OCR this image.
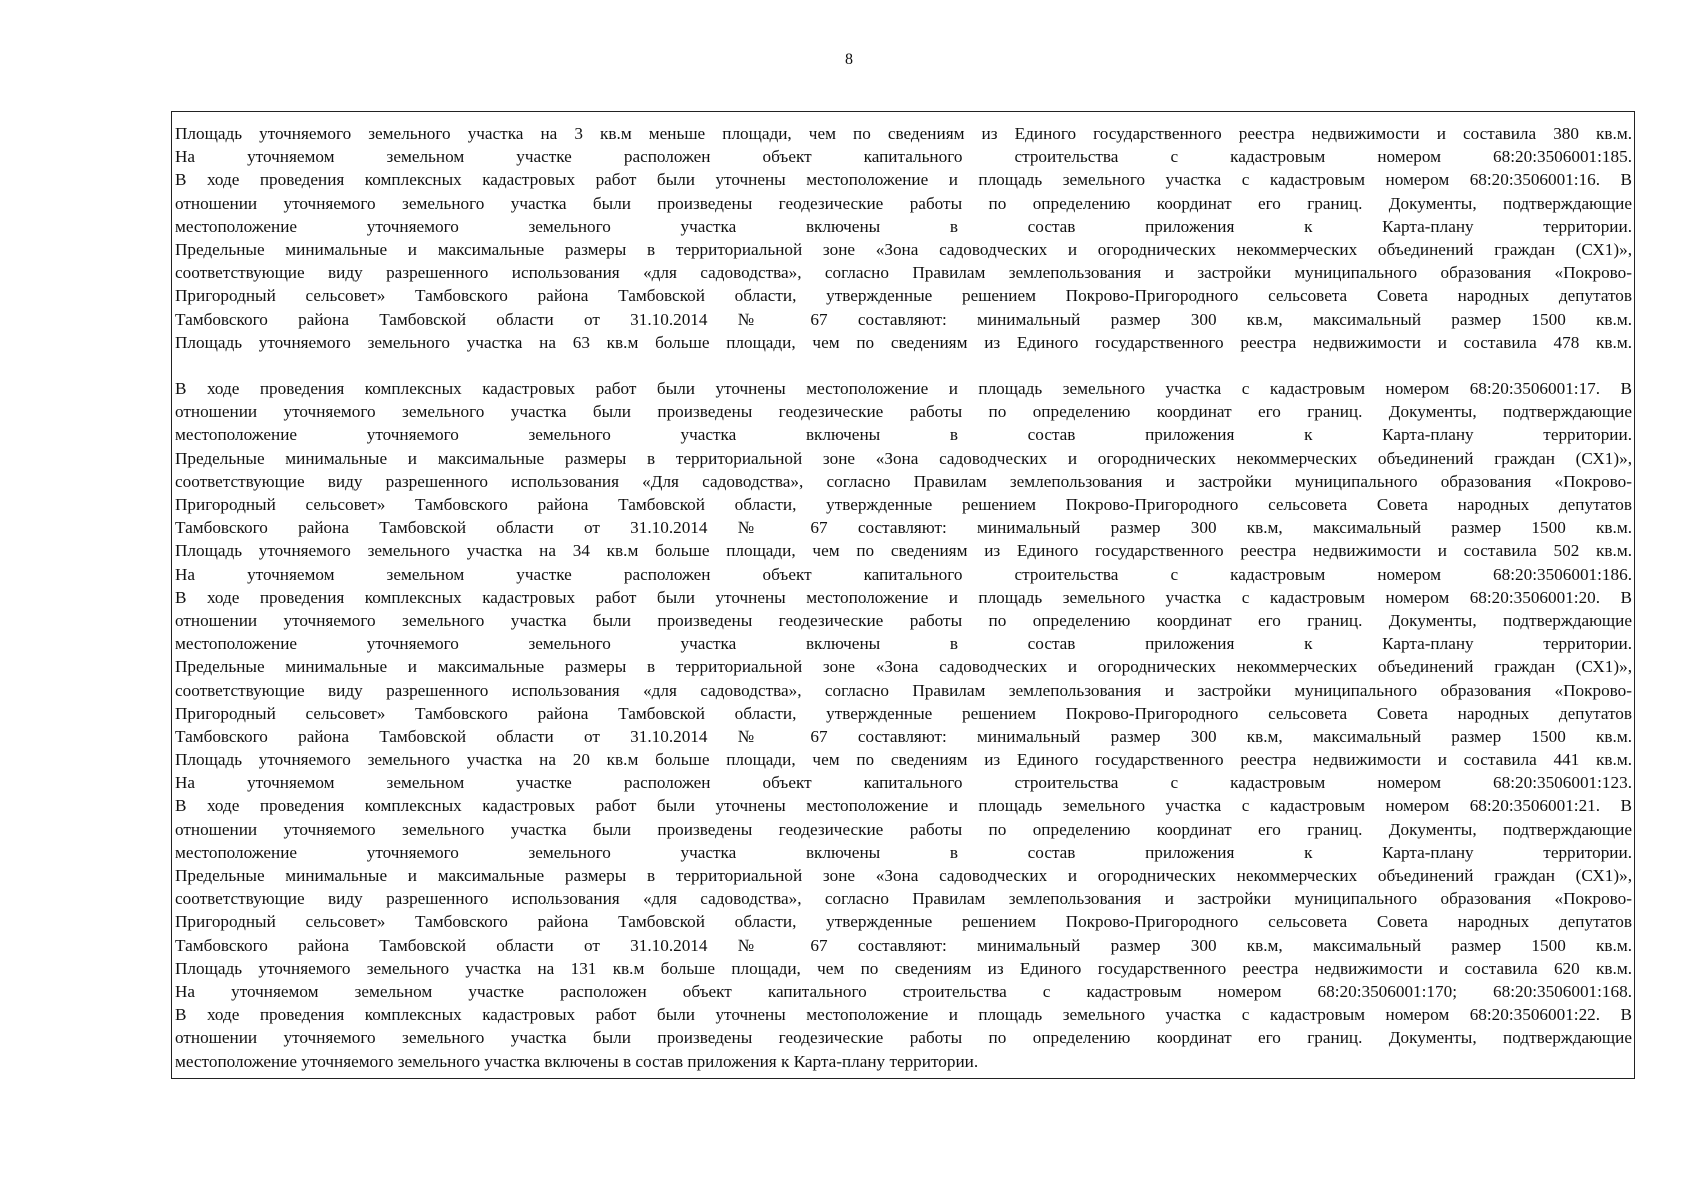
8
Площадь уточняемого земельного участка на 3 кв.м меньше площади, чем по сведениям из Единого государственного реестра недвижимости и составила 380 кв.м.
На уточняемом земельном участке расположен объект капитального строительства с кадастровым номером 68:20:3506001:185.
В ходе проведения комплексных кадастровых работ были уточнены местоположение и площадь земельного участка с кадастровым номером 68:20:3506001:16. В
отношении уточняемого земельного участка были произведены геодезические работы по определению координат его границ. Документы, подтверждающие
местоположение уточняемого земельного участка включены в состав приложения к Карта-плану территории.
Предельные минимальные и максимальные размеры в территориальной зоне «Зона садоводческих и огороднических некоммерческих объединений граждан (СХ1)»,
соответствующие виду разрешенного использования «для садоводства», согласно Правилам землепользования и застройки муниципального образования «Покрово-
Пригородный сельсовет» Тамбовского района Тамбовской области, утвержденные решением Покрово-Пригородного сельсовета Совета народных депутатов
Тамбовского района Тамбовской области от 31.10.2014 № 67 составляют: минимальный размер 300 кв.м, максимальный размер 1500 кв.м.
Площадь уточняемого земельного участка на 63 кв.м больше площади, чем по сведениям из Единого государственного реестра недвижимости и составила 478 кв.м.
В ходе проведения комплексных кадастровых работ были уточнены местоположение и площадь земельного участка с кадастровым номером 68:20:3506001:17. В
отношении уточняемого земельного участка были произведены геодезические работы по определению координат его границ. Документы, подтверждающие
местоположение уточняемого земельного участка включены в состав приложения к Карта-плану территории.
Предельные минимальные и максимальные размеры в территориальной зоне «Зона садоводческих и огороднических некоммерческих объединений граждан (СХ1)»,
соответствующие виду разрешенного использования «Для садоводства», согласно Правилам землепользования и застройки муниципального образования «Покрово-
Пригородный сельсовет» Тамбовского района Тамбовской области, утвержденные решением Покрово-Пригородного сельсовета Совета народных депутатов
Тамбовского района Тамбовской области от 31.10.2014 № 67 составляют: минимальный размер 300 кв.м, максимальный размер 1500 кв.м.
Площадь уточняемого земельного участка на 34 кв.м больше площади, чем по сведениям из Единого государственного реестра недвижимости и составила 502 кв.м.
На уточняемом земельном участке расположен объект капитального строительства с кадастровым номером 68:20:3506001:186.
В ходе проведения комплексных кадастровых работ были уточнены местоположение и площадь земельного участка с кадастровым номером 68:20:3506001:20. В
отношении уточняемого земельного участка были произведены геодезические работы по определению координат его границ. Документы, подтверждающие
местоположение уточняемого земельного участка включены в состав приложения к Карта-плану территории.
Предельные минимальные и максимальные размеры в территориальной зоне «Зона садоводческих и огороднических некоммерческих объединений граждан (СХ1)»,
соответствующие виду разрешенного использования «для садоводства», согласно Правилам землепользования и застройки муниципального образования «Покрово-
Пригородный сельсовет» Тамбовского района Тамбовской области, утвержденные решением Покрово-Пригородного сельсовета Совета народных депутатов
Тамбовского района Тамбовской области от 31.10.2014 № 67 составляют: минимальный размер 300 кв.м, максимальный размер 1500 кв.м.
Площадь уточняемого земельного участка на 20 кв.м больше площади, чем по сведениям из Единого государственного реестра недвижимости и составила 441 кв.м.
На уточняемом земельном участке расположен объект капитального строительства с кадастровым номером 68:20:3506001:123.
В ходе проведения комплексных кадастровых работ были уточнены местоположение и площадь земельного участка с кадастровым номером 68:20:3506001:21. В
отношении уточняемого земельного участка были произведены геодезические работы по определению координат его границ. Документы, подтверждающие
местоположение уточняемого земельного участка включены в состав приложения к Карта-плану территории.
Предельные минимальные и максимальные размеры в территориальной зоне «Зона садоводческих и огороднических некоммерческих объединений граждан (СХ1)»,
соответствующие виду разрешенного использования «для садоводства», согласно Правилам землепользования и застройки муниципального образования «Покрово-
Пригородный сельсовет» Тамбовского района Тамбовской области, утвержденные решением Покрово-Пригородного сельсовета Совета народных депутатов
Тамбовского района Тамбовской области от 31.10.2014 № 67 составляют: минимальный размер 300 кв.м, максимальный размер 1500 кв.м.
Площадь уточняемого земельного участка на 131 кв.м больше площади, чем по сведениям из Единого государственного реестра недвижимости и составила 620 кв.м.
На уточняемом земельном участке расположен объект капитального строительства с кадастровым номером 68:20:3506001:170; 68:20:3506001:168.
В ходе проведения комплексных кадастровых работ были уточнены местоположение и площадь земельного участка с кадастровым номером 68:20:3506001:22. В
отношении уточняемого земельного участка были произведены геодезические работы по определению координат его границ. Документы, подтверждающие
местоположение уточняемого земельного участка включены в состав приложения к Карта-плану территории.
